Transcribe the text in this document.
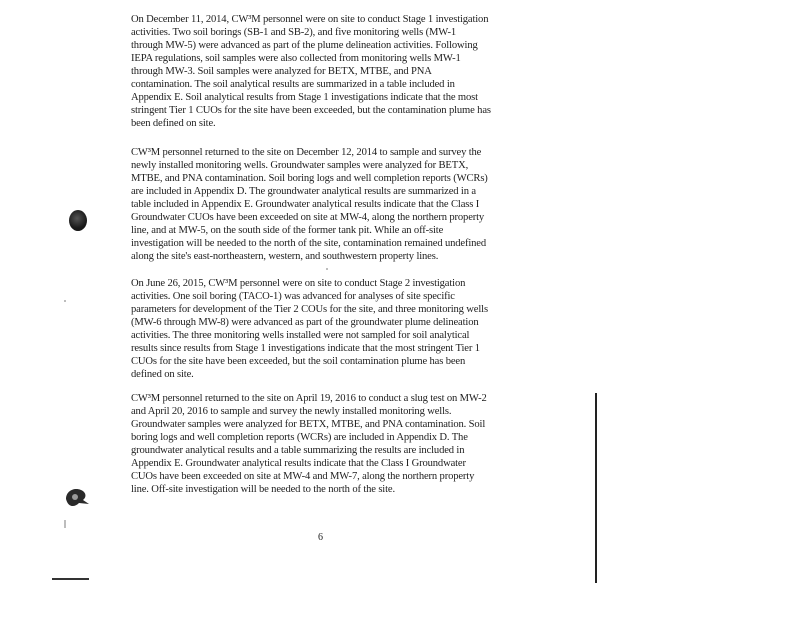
On December 11, 2014, CW³M personnel were on site to conduct Stage 1 investigation
activities. Two soil borings (SB-1 and SB-2), and five monitoring wells (MW-1
through MW-5) were advanced as part of the plume delineation activities. Following
IEPA regulations, soil samples were also collected from monitoring wells MW-1
through MW-3. Soil samples were analyzed for BETX, MTBE, and PNA
contamination. The soil analytical results are summarized in a table included in
Appendix E. Soil analytical results from Stage 1 investigations indicate that the most
stringent Tier 1 CUOs for the site have been exceeded, but the contamination plume has
been defined on site.
CW³M personnel returned to the site on December 12, 2014 to sample and survey the
newly installed monitoring wells. Groundwater samples were analyzed for BETX,
MTBE, and PNA contamination. Soil boring logs and well completion reports (WCRs)
are included in Appendix D. The groundwater analytical results are summarized in a
table included in Appendix E. Groundwater analytical results indicate that the Class I
Groundwater CUOs have been exceeded on site at MW-4, along the northern property
line, and at MW-5, on the south side of the former tank pit. While an off-site
investigation will be needed to the north of the site, contamination remained undefined
along the site's east-northeastern, western, and southwestern property lines.
On June 26, 2015, CW³M personnel were on site to conduct Stage 2 investigation
activities. One soil boring (TACO-1) was advanced for analyses of site specific
parameters for development of the Tier 2 COUs for the site, and three monitoring wells
(MW-6 through MW-8) were advanced as part of the groundwater plume delineation
activities. The three monitoring wells installed were not sampled for soil analytical
results since results from Stage 1 investigations indicate that the most stringent Tier 1
CUOs for the site have been exceeded, but the soil contamination plume has been
defined on site.
CW³M personnel returned to the site on April 19, 2016 to conduct a slug test on MW-2
and April 20, 2016 to sample and survey the newly installed monitoring wells.
Groundwater samples were analyzed for BETX, MTBE, and PNA contamination. Soil
boring logs and well completion reports (WCRs) are included in Appendix D. The
groundwater analytical results and a table summarizing the results are included in
Appendix E. Groundwater analytical results indicate that the Class I Groundwater
CUOs have been exceeded on site at MW-4 and MW-7, along the northern property
line. Off-site investigation will be needed to the north of the site.
6
